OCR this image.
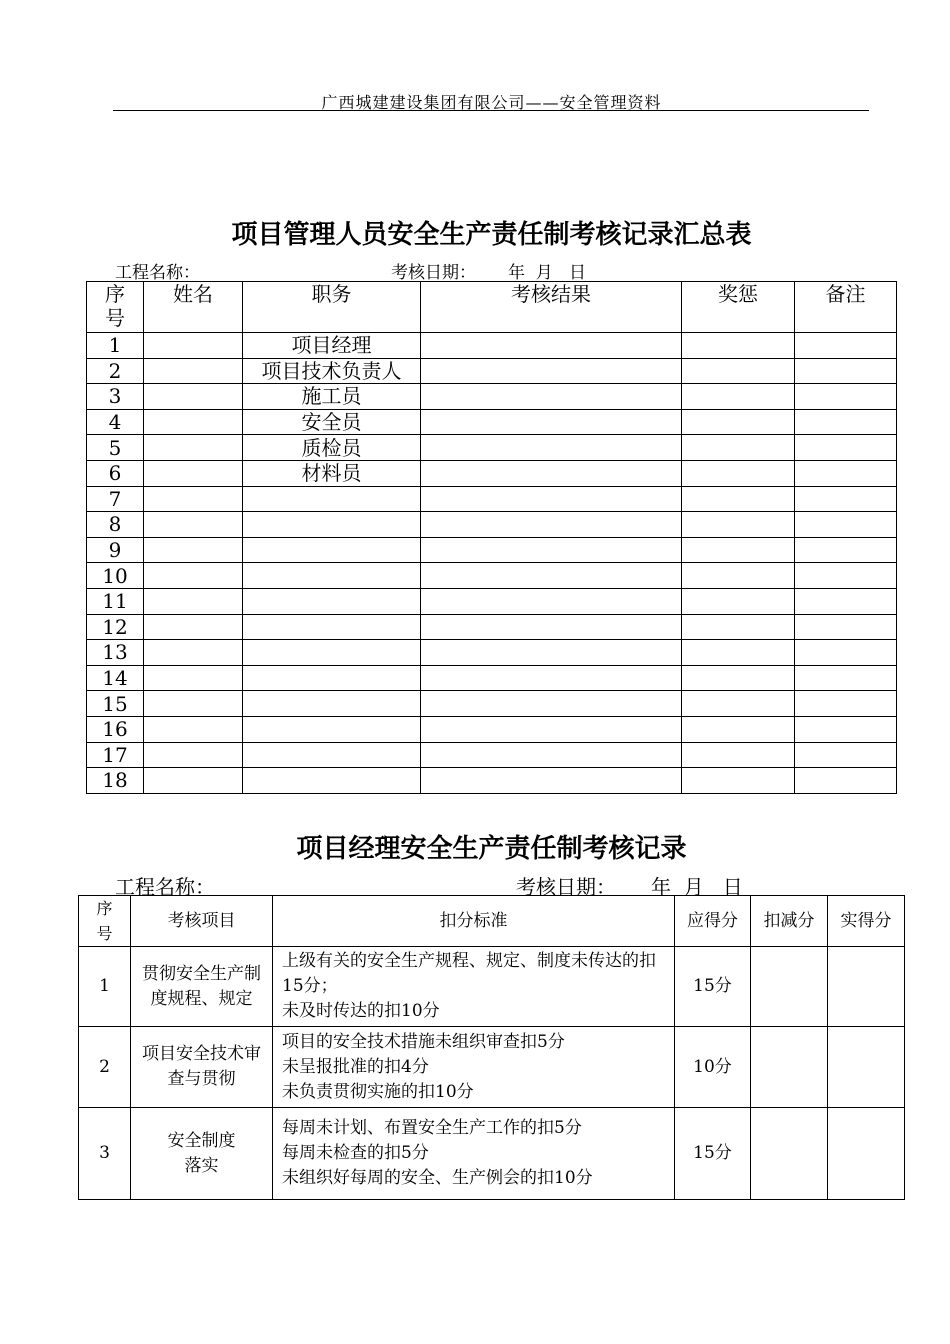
广西城建建设集团有限公司——安全管理资料
项目管理人员安全生产责任制考核记录汇总表
工程名称：	考核日期： 年  月   日
序号	姓名	职务	考核结果	奖惩	备注
1		项目经理			
2		项目技术负责人			
3		施工员			
4		安全员			
5		质检员			
6		材料员			
7					
8					
9					
10					
11					
12					
13					
14					
15					
16					
17					
18					
项目经理安全生产责任制考核记录
工程名称：	考核日期： 年  月   日
序号	考核项目	扣分标准	应得分	扣减分	实得分
1	贯彻安全生产制度规程、规定	上级有关的安全生产规程、规定、制度未传达的扣15分；
未及时传达的扣10分	15分		
2	项目安全技术审查与贯彻	项目的安全技术措施未组织审查扣5分
未呈报批准的扣4分
未负责贯彻实施的扣10分	10分		
3	安全制度落实	每周未计划、布置安全生产工作的扣5分
每周未检查的扣5分
未组织好每周的安全、生产例会的扣10分	15分		
